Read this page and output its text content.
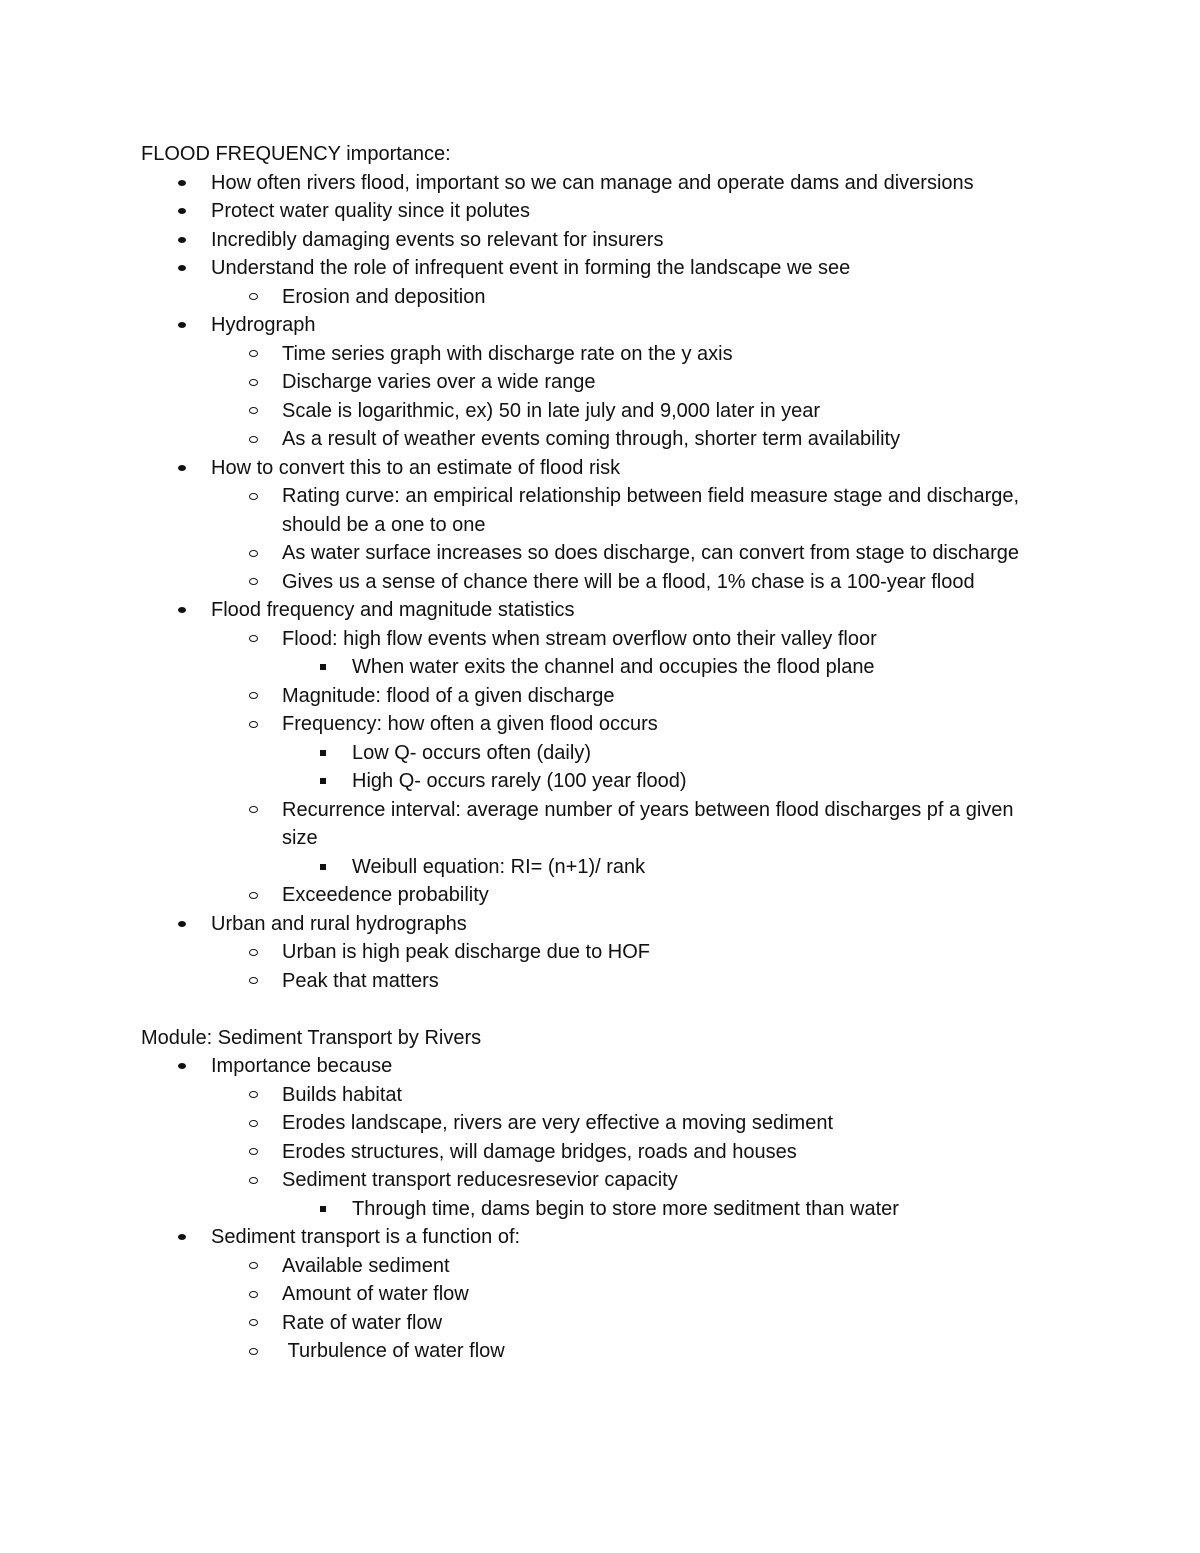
FLOOD FREQUENCY importance:
How often rivers flood, important so we can manage and operate dams and diversions
Protect water quality since it polutes
Incredibly damaging events so relevant for insurers
Understand the role of infrequent event in forming the landscape we see
Erosion and deposition
Hydrograph
Time series graph with discharge rate on the y axis
Discharge varies over a wide range
Scale is logarithmic, ex) 50 in late july and 9,000 later in year
As a result of weather events coming through, shorter term availability
How to convert this to an estimate of flood risk
Rating curve: an empirical relationship between field measure stage and discharge, should be a one to one
As water surface increases so does discharge, can convert from stage to discharge
Gives us a sense of chance there will be a flood, 1% chase is a 100-year flood
Flood frequency and magnitude statistics
Flood: high flow events when stream overflow onto their valley floor
When water exits the channel and occupies the flood plane
Magnitude: flood of a given discharge
Frequency: how often a given flood occurs
Low Q- occurs often (daily)
High Q- occurs rarely (100 year flood)
Recurrence interval: average number of years between flood discharges pf a given size
Weibull equation: RI= (n+1)/ rank
Exceedence probability
Urban and rural hydrographs
Urban is high peak discharge due to HOF
Peak that matters
Module: Sediment Transport by Rivers
Importance because
Builds habitat
Erodes landscape, rivers are very effective a moving sediment
Erodes structures, will damage bridges, roads and houses
Sediment transport reducesresevior capacity
Through time, dams begin to store more seditment than water
Sediment transport is a function of:
Available sediment
Amount of water flow
Rate of water flow
Turbulence of water flow
